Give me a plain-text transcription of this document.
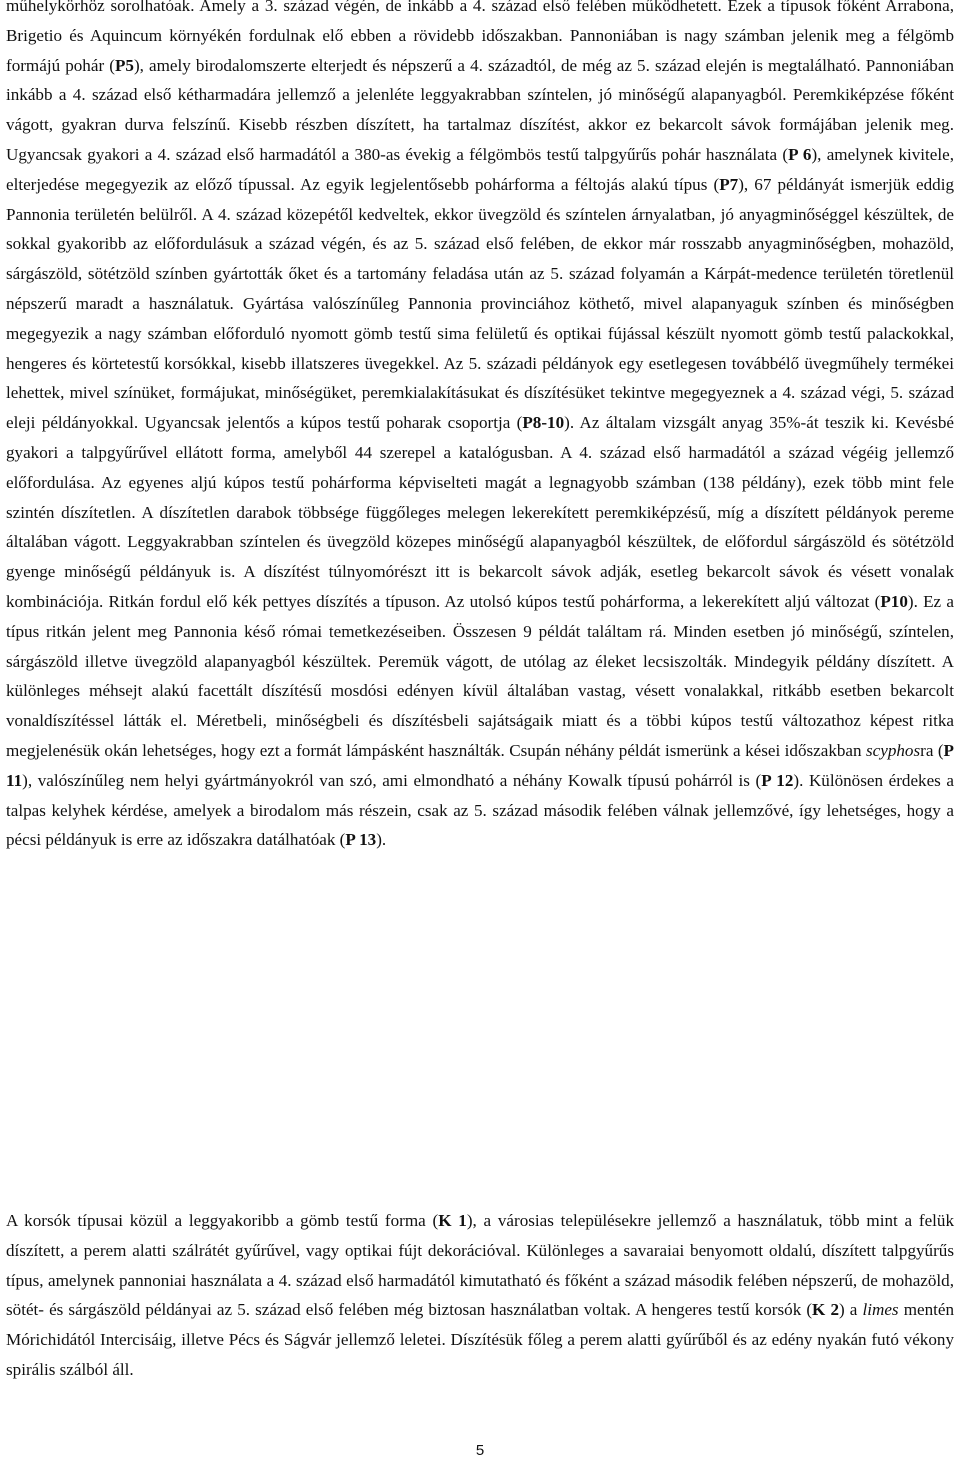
műhelykörhöz sorolhatóak. Amely a 3. század végén, de inkább a 4. század első felében működhetett. Ezek a típusok főként Arrabona, Brigetio és Aquincum környékén fordulnak elő ebben a rövidebb időszakban. Pannoniában is nagy számban jelenik meg a félgömb formájú pohár (P5), amely birodalomszerte elterjedt és népszerű a 4. századtól, de még az 5. század elején is megtalálható. Pannoniában inkább a 4. század első kétharmadára jellemző a jelenléte leggyakrabban színtelen, jó minőségű alapanyagból. Peremkiképzése főként vágott, gyakran durva felszínű. Kisebb részben díszített, ha tartalmaz díszítést, akkor ez bekarcolt sávok formájában jelenik meg. Ugyancsak gyakori a 4. század első harmadától a 380-as évekig a félgömbös testű talpgyűrűs pohár használata (P 6), amelynek kivitele, elterjedése megegyezik az előző típussal. Az egyik legjelentősebb pohárforma a féltojás alakú típus (P7), 67 példányát ismerjük eddig Pannonia területén belülről. A 4. század közepétől kedveltek, ekkor üvegzöld és színtelen árnyalatban, jó anyagminőséggel készültek, de sokkal gyakoribb az előfordulásuk a század végén, és az 5. század első felében, de ekkor már rosszabb anyagminőségben, mohazöld, sárgászöld, sötétzöld színben gyártották őket és a tartomány feladása után az 5. század folyamán a Kárpát-medence területén töretlenül népszerű maradt a használatuk. Gyártása valószínűleg Pannonia provinciához köthető, mivel alapanyaguk színben és minőségben megegyezik a nagy számban előforduló nyomott gömb testű sima felületű és optikai fújással készült nyomott gömb testű palackokkal, hengeres és körtetestű korsókkal, kisebb illatszeres üvegekkel. Az 5. századi példányok egy esetlegesen továbbélő üvegműhely termékei lehettek, mivel színüket, formájukat, minőségüket, peremkialakításukat és díszítésüket tekintve megegyeznek a 4. század végi, 5. század eleji példányokkal. Ugyancsak jelentős a kúpos testű poharak csoportja (P8-10). Az általam vizsgált anyag 35%-át teszik ki. Kevésbé gyakori a talpgyűrűvel ellátott forma, amelyből 44 szerepel a katalógusban. A 4. század első harmadától a század végéig jellemző előfordulása. Az egyenes aljú kúpos testű pohárforma képviselteti magát a legnagyobb számban (138 példány), ezek több mint fele szintén díszítetlen. A díszítetlen darabok többsége függőleges melegen lekerekített peremkiképzésű, míg a díszített példányok pereme általában vágott. Leggyakrabban színtelen és üvegzöld közepes minőségű alapanyagból készültek, de előfordul sárgászöld és sötétzöld gyenge minőségű példányuk is. A díszítést túlnyomórészt itt is bekarcolt sávok adják, esetleg bekarcolt sávok és vésett vonalak kombinációja. Ritkán fordul elő kék pettyes díszítés a típuson. Az utolsó kúpos testű pohárforma, a lekerekített aljú változat (P10). Ez a típus ritkán jelent meg Pannonia késő római temetkezéseiben. Összesen 9 példát találtam rá. Minden esetben jó minőségű, színtelen, sárgászöld illetve üvegzöld alapanyagból készültek. Peremük vágott, de utólag az éleket lecsiszolták. Mindegyik példány díszített. A különleges méhsejt alakú facettált díszítésű mosdósi edényen kívül általában vastag, vésett vonalakkal, ritkább esetben bekarcolt vonaldíszítéssel látták el. Méretbeli, minőségbeli és díszítésbeli sajátságaik miatt és a többi kúpos testű változathoz képest ritka megjelenésük okán lehetséges, hogy ezt a formát lámpásként használták. Csupán néhány példát ismerünk a kései időszakban scyphosra (P 11), valószínűleg nem helyi gyártmányokról van szó, ami elmondható a néhány Kowalk típusú pohárról is (P 12). Különösen érdekes a talpas kelyhek kérdése, amelyek a birodalom más részein, csak az 5. század második felében válnak jellemzővé, így lehetséges, hogy a pécsi példányuk is erre az időszakra datálhatóak (P 13).

A korsók típusai közül a leggyakoribb a gömb testű forma (K 1), a városias településekre jellemző a használatuk, több mint a felük díszített, a perem alatti szálrátét gyűrűvel, vagy optikai fújt dekorációval. Különleges a savaraiai benyomott oldalú, díszített talpgyűrűs típus, amelynek pannoniai használata a 4. század első harmadától kimutatható és főként a század második felében népszerű, de mohazöld, sötét- és sárgászöld példányai az 5. század első felében még biztosan használatban voltak. A hengeres testű korsók (K 2) a limes mentén Mórichidától Intercisáig, illetve Pécs és Ságvár jellemző leletei. Díszítésük főleg a perem alatti gyűrűből és az edény nyakán futó vékony spirális szálból áll.

5
